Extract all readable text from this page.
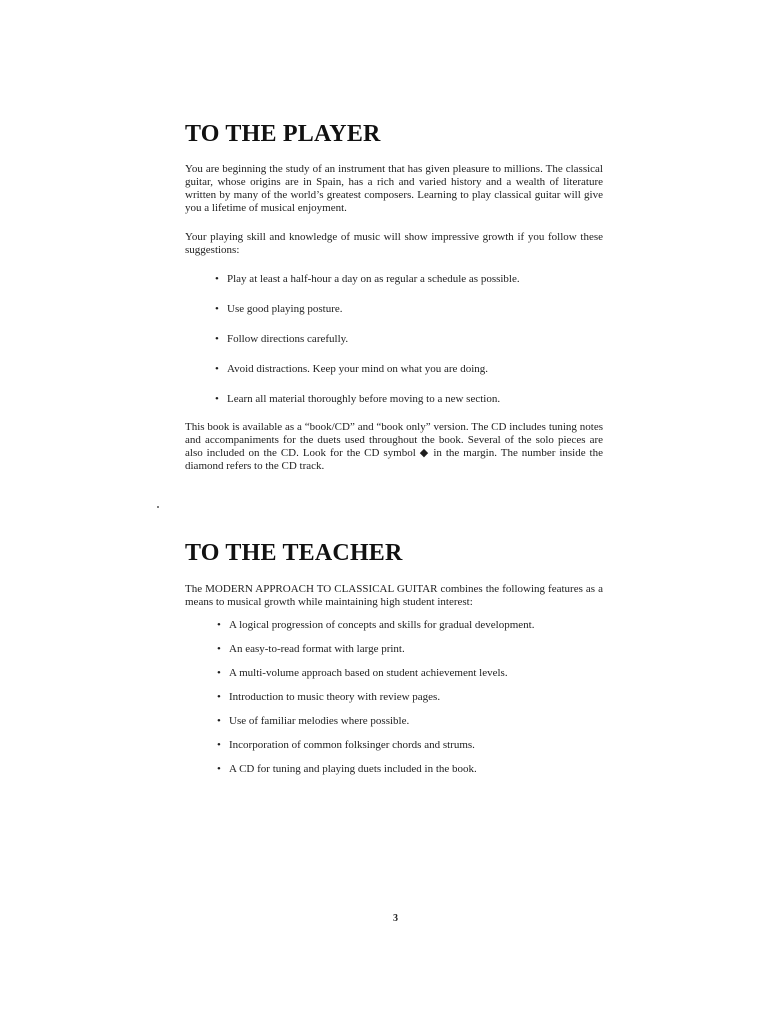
TO THE PLAYER

You are beginning the study of an instrument that has given pleasure to millions. The classical guitar, whose origins are in Spain, has a rich and varied history and a wealth of literature written by many of the world’s greatest composers. Learning to play classical guitar will give you a lifetime of musical enjoyment.

Your playing skill and knowledge of music will show impressive growth if you follow these suggestions:

• Play at least a half-hour a day on as regular a schedule as possible.
• Use good playing posture.
• Follow directions carefully.
• Avoid distractions. Keep your mind on what you are doing.
• Learn all material thoroughly before moving to a new section.

This book is available as a “book/CD” and “book only” version. The CD includes tuning notes and accompaniments for the duets used throughout the book. Several of the solo pieces are also included on the CD. Look for the CD symbol ◆ in the margin. The number inside the diamond refers to the CD track.

TO THE TEACHER

The MODERN APPROACH TO CLASSICAL GUITAR combines the following features as a means to musical growth while maintaining high student interest:

• A logical progression of concepts and skills for gradual development.
• An easy-to-read format with large print.
• A multi-volume approach based on student achievement levels.
• Introduction to music theory with review pages.
• Use of familiar melodies where possible.
• Incorporation of common folksinger chords and strums.
• A CD for tuning and playing duets included in the book.
3
